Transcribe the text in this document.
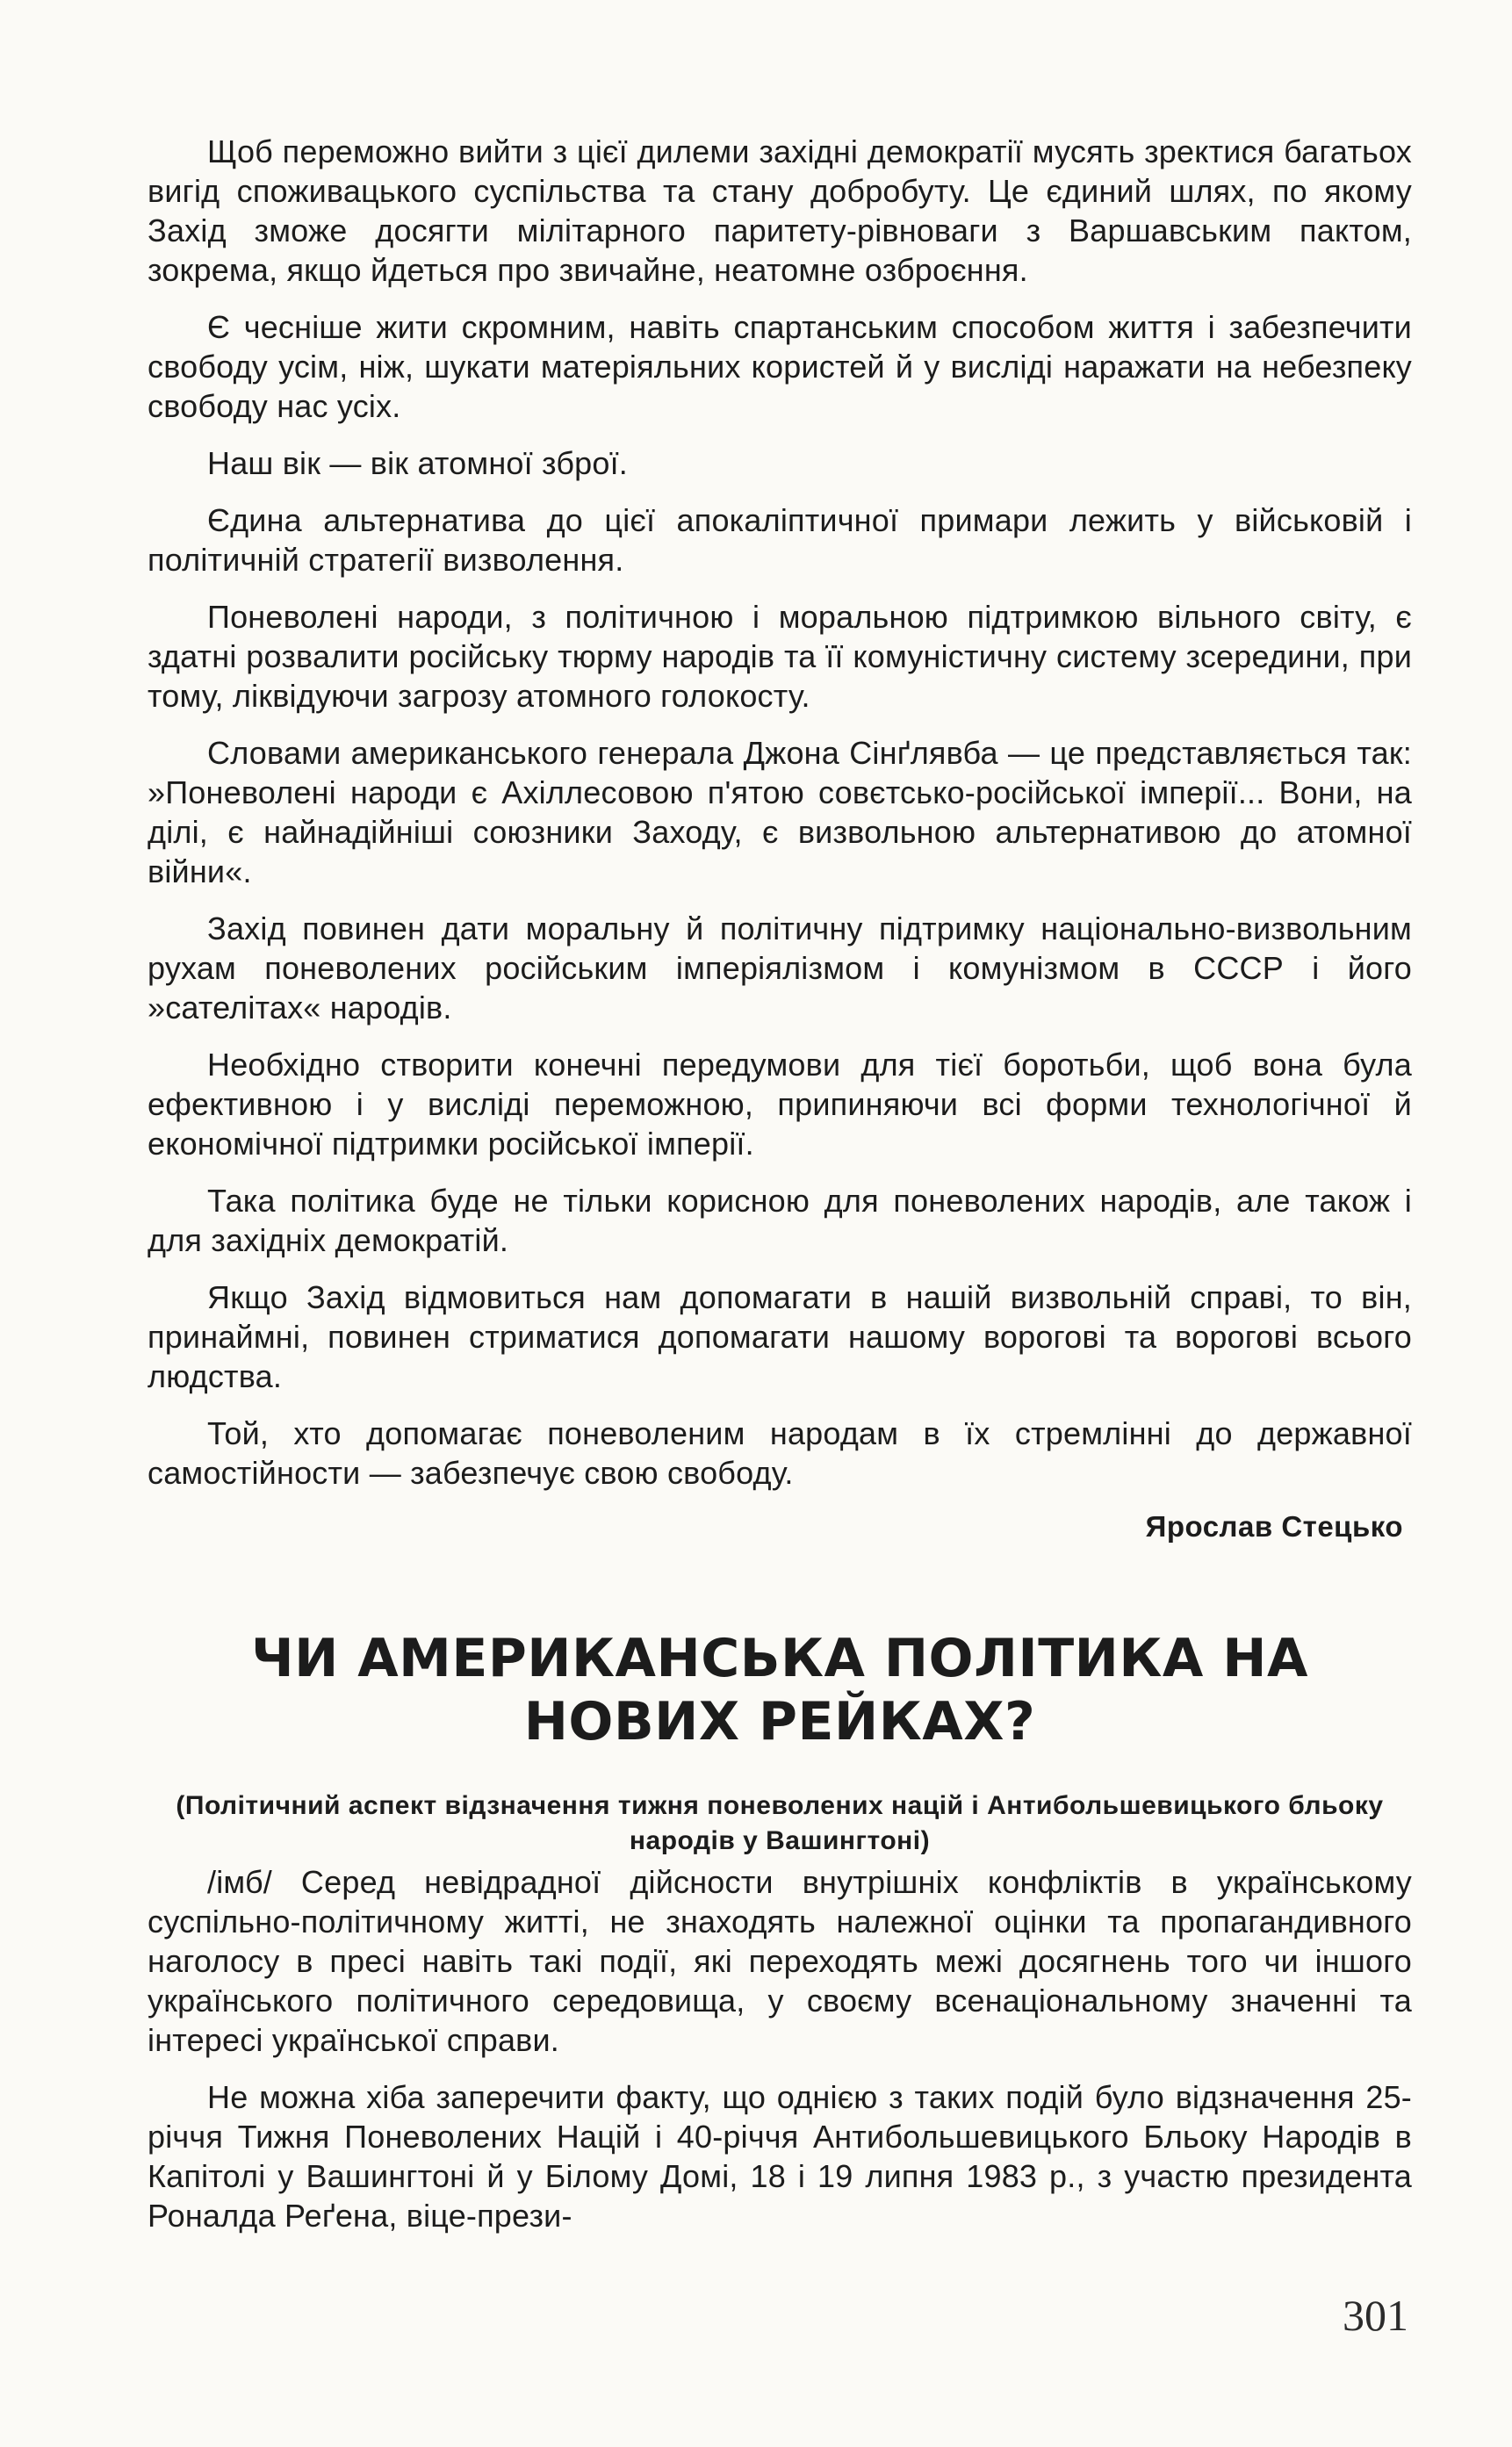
Щоб переможно вийти з цієї дилеми західні демократії мусять зректися багатьох вигід споживацького суспільства та стану добробуту. Це єдиний шлях, по якому Захід зможе досягти мілітарного паритету-рівноваги з Варшавським пактом, зокрема, якщо йдеться про звичайне, неатомне озброєння.

Є чесніше жити скромним, навіть спартанським способом життя і забезпечити свободу усім, ніж, шукати матеріяльних користей й у висліді наражати на небезпеку свободу нас усіх.

Наш вік — вік атомної зброї.

Єдина альтернатива до цієї апокаліптичної примари лежить у військовій і політичній стратегії визволення.

Поневолені народи, з політичною і моральною підтримкою вільного світу, є здатні розвалити російську тюрму народів та її комуністичну систему зсередини, при тому, ліквідуючи загрозу атомного голокосту.

Словами американського генерала Джона Сінґлявба — це представляється так: »Поневолені народи є Ахіллесовою п'ятою совєтсько-російської імперії... Вони, на ділі, є найнадійніші союзники Заходу, є визвольною альтернативою до атомної війни«.

Захід повинен дати моральну й політичну підтримку національно-визвольним рухам поневолених російським імперіялізмом і комунізмом в СССР і його »сателітах« народів.

Необхідно створити конечні передумови для тієї боротьби, щоб вона була ефективною і у висліді переможною, припиняючи всі форми технологічної й економічної підтримки російської імперії.

Така політика буде не тільки корисною для поневолених народів, але також і для західніх демократій.

Якщо Захід відмовиться нам допомагати в нашій визвольній справі, то він, принаймні, повинен стриматися допомагати нашому ворогові та ворогові всього людства.

Той, хто допомагає поневоленим народам в їх стремлінні до державної самостійности — забезпечує свою свободу.

Ярослав Стецько
ЧИ АМЕРИКАНСЬКА ПОЛІТИКА НА НОВИХ РЕЙКАХ?
(Політичний аспект відзначення тижня поневолених націй і Антибольшевицького бльоку народів у Вашингтоні)

/імб/ Серед невідрадної дійсности внутрішніх конфліктів в українському суспільно-політичному житті, не знаходять належної оцінки та пропагандивного наголосу в пресі навіть такі події, які переходять межі досягнень того чи іншого українського політичного середовища, у своєму всенаціональному значенні та інтересі української справи.

Не можна хіба заперечити факту, що однією з таких подій було відзначення 25-річчя Тижня Поневолених Націй і 40-річчя Антибольшевицького Бльоку Народів в Капітолі у Вашингтоні й у Білому Домі, 18 і 19 липня 1983 р., з участю президента Роналда Реґена, віце-прези-

301
